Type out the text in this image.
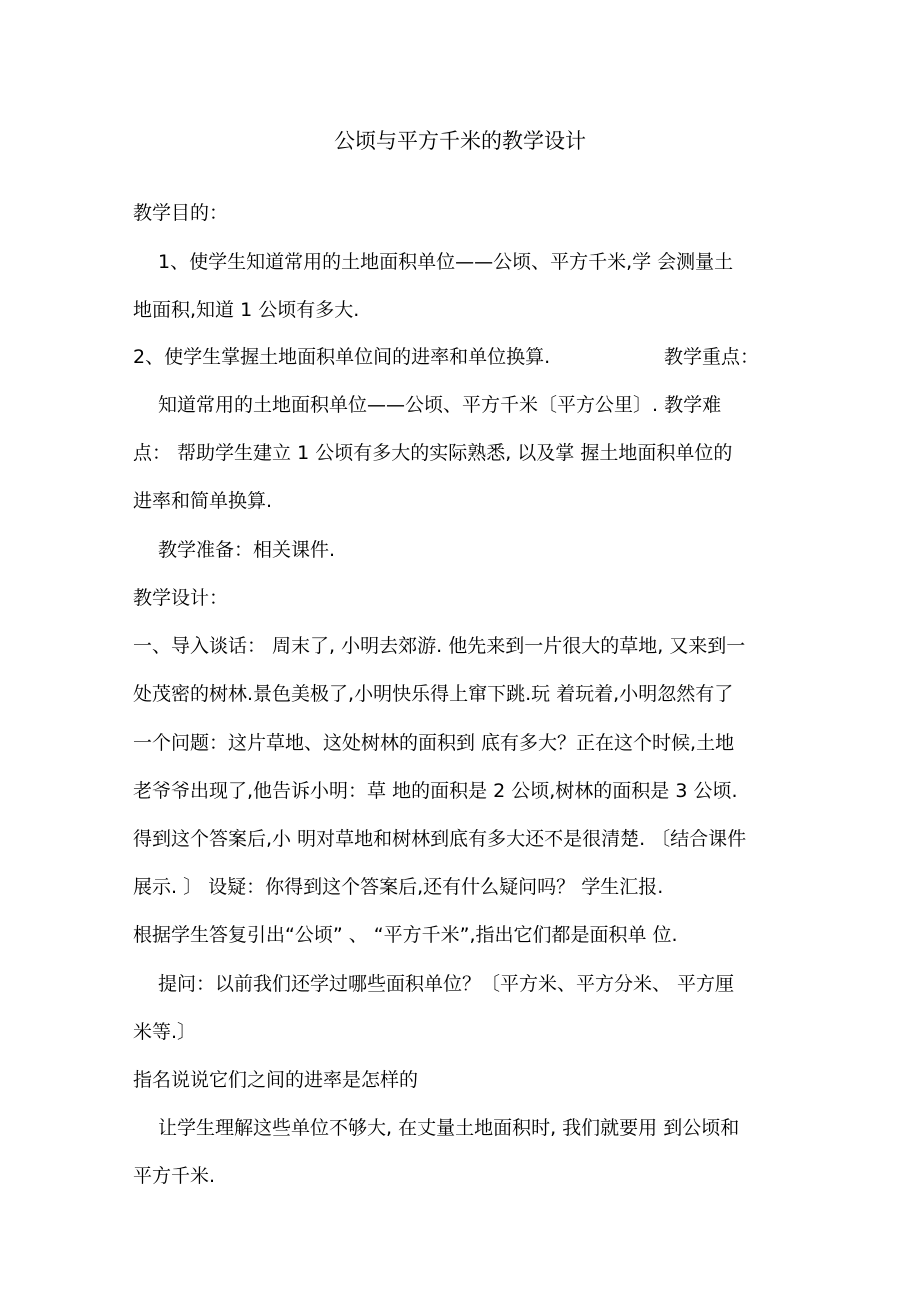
公顷与平方千米的教学设计
教学目的：
1、使学生知道常用的土地面积单位——公顷、平方千米,学 会测量土
地面积,知道 1 公顷有多大.
2、使学生掌握土地面积单位间的进率和单位换算.	教学重点：
知道常用的土地面积单位——公顷、平方千米〔平方公里〕. 教学难
点： 帮助学生建立 1 公顷有多大的实际熟悉, 以及掌 握土地面积单位的
进率和简单换算.
教学准备：相关课件.
教学设计：
一、导入谈话： 周末了, 小明去郊游. 他先来到一片很大的草地, 又来到一
处茂密的树林.景色美极了,小明快乐得上窜下跳.玩 着玩着,小明忽然有了
一个问题：这片草地、这处树林的面积到 底有多大？正在这个时候,土地
老爷爷出现了,他告诉小明：草 地的面积是 2 公顷,树林的面积是 3 公顷.
得到这个答案后,小 明对草地和树林到底有多大还不是很清楚. 〔结合课件
展示. 〕 设疑：你得到这个答案后,还有什么疑问吗？ 学生汇报.
根据学生答复引出“公顷” 、 “平方千米”,指出它们都是面积单 位.
提问：以前我们还学过哪些面积单位？〔平方米、平方分米、 平方厘
米等.〕
指名说说它们之间的进率是怎样的
让学生理解这些单位不够大, 在丈量土地面积时, 我们就要用 到公顷和
平方千米.
